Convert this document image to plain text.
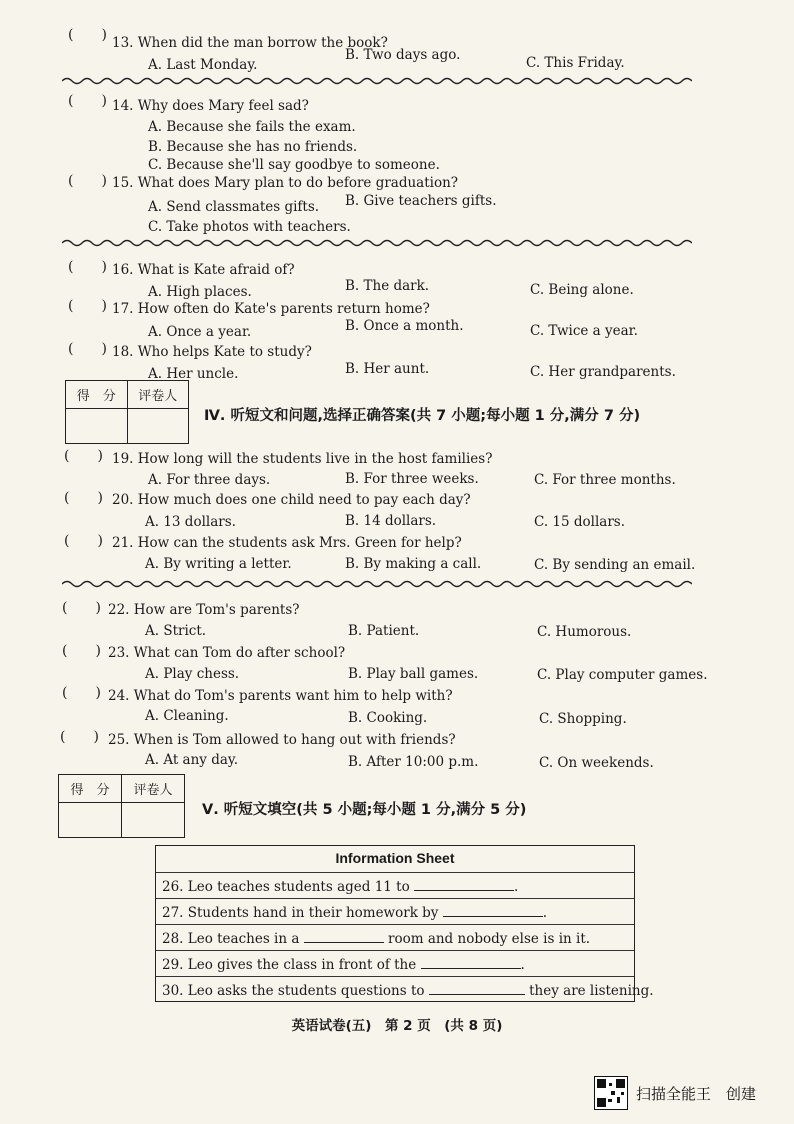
(　　) 13. When did the man borrow the book?
A. Last Monday.
B. Two days ago.	C. This Friday.
(　　) 14. Why does Mary feel sad?
A. Because she fails the exam.
B. Because she has no friends.
C. Because she'll say goodbye to someone.
(　　) 15. What does Mary plan to do before graduation?
A. Send classmates gifts. B. Give teachers gifts.
C. Take photos with teachers.
(　　) 16. What is Kate afraid of?
A. High places.	B. The dark.	C. Being alone.
(　　) 17. How often do Kate's parents return home?
A. Once a year.	B. Once a month.	C. Twice a year.
(　　) 18. Who helps Kate to study?
A. Her uncle.	B. Her aunt.	C. Her grandparents.
得　分	评卷人

Ⅳ. 听短文和问题,选择正确答案(共 7 小题;每小题 1 分,满分 7 分)
(　　) 19. How long will the students live in the host families?
A. For three days.	B. For three weeks.	C. For three months.
(　　) 20. How much does one child need to pay each day?
A. 13 dollars.	B. 14 dollars.	C. 15 dollars.
(　　) 21. How can the students ask Mrs. Green for help?
A. By writing a letter.	B. By making a call.	C. By sending an email.
(　　) 22. How are Tom's parents?
A. Strict.	B. Patient.	C. Humorous.
(　　) 23. What can Tom do after school?
A. Play chess.	B. Play ball games.	C. Play computer games.
(　　) 24. What do Tom's parents want him to help with?
A. Cleaning.	B. Cooking.	C. Shopping.
(　　) 25. When is Tom allowed to hang out with friends?
A. At any day.	B. After 10:00 p.m.	C. On weekends.
得　分	评卷人

Ⅴ. 听短文填空(共 5 小题;每小题 1 分,满分 5 分)
Information Sheet
26. Leo teaches students aged 11 to	.
27. Students hand in their homework by	.
28. Leo teaches in a	room and nobody else is in it.
29. Leo gives the class in front of the	.
30. Leo asks the students questions to	they are listening.
英语试卷(五)　第 2 页　(共 8 页)
扫描全能王　创建
